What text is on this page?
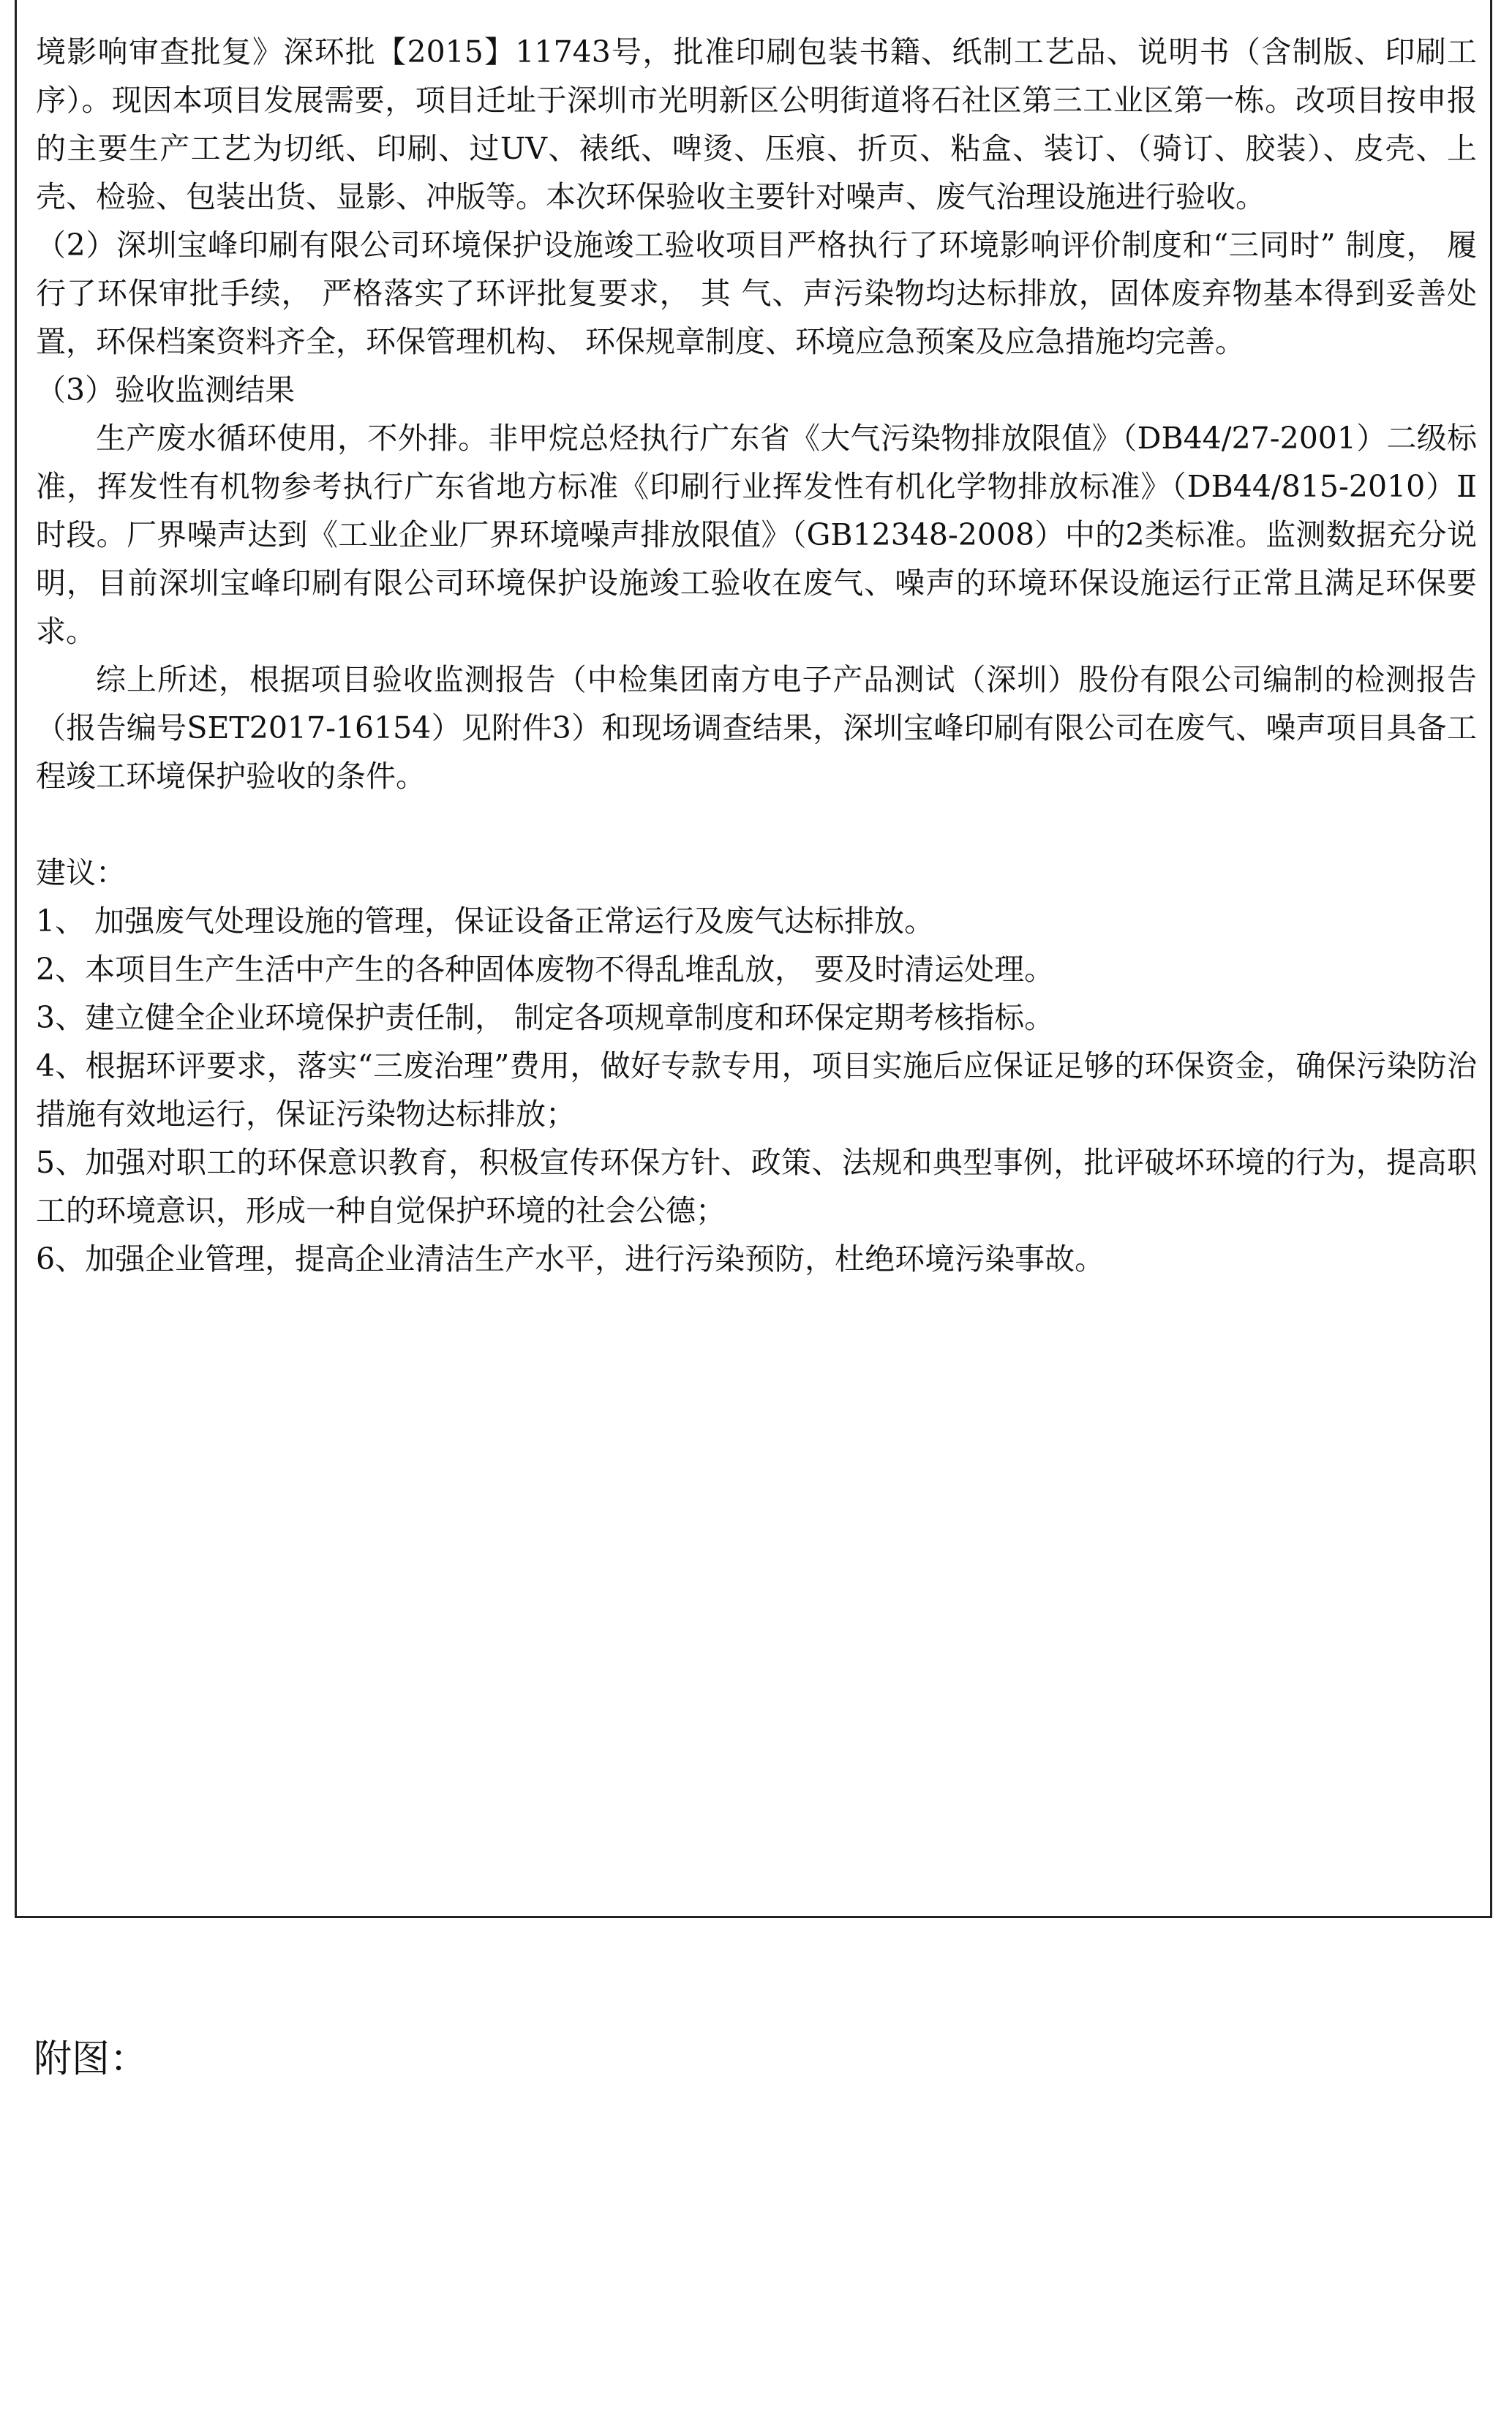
境影响审查批复》深环批【2015】11743号，批准印刷包装书籍、纸制工艺品、说明书（含制版、印刷工序）。现因本项目发展需要，项目迁址于深圳市光明新区公明街道将石社区第三工业区第一栋。改项目按申报的主要生产工艺为切纸、印刷、过UV、裱纸、啤烫、压痕、折页、粘盒、装订、（骑订、胶装）、皮壳、上壳、检验、包装出货、显影、冲版等。本次环保验收主要针对噪声、废气治理设施进行验收。

（2）深圳宝峰印刷有限公司环境保护设施竣工验收项目严格执行了环境影响评价制度和“三同时” 制度， 履行了环保审批手续， 严格落实了环评批复要求， 其 气、声污染物均达标排放，固体废弃物基本得到妥善处置，环保档案资料齐全，环保管理机构、 环保规章制度、环境应急预案及应急措施均完善。

（3）验收监测结果

生产废水循环使用，不外排。非甲烷总烃执行广东省《大气污染物排放限值》（DB44/27-2001）二级标准，挥发性有机物参考执行广东省地方标准《印刷行业挥发性有机化学物排放标准》（DB44/815-2010）Ⅱ时段。厂界噪声达到《工业企业厂界环境噪声排放限值》（GB12348-2008）中的2类标准。监测数据充分说明，目前深圳宝峰印刷有限公司环境保护设施竣工验收在废气、噪声的环境环保设施运行正常且满足环保要求。

综上所述，根据项目验收监测报告（中检集团南方电子产品测试（深圳）股份有限公司编制的检测报告（报告编号SET2017-16154）见附件3）和现场调查结果，深圳宝峰印刷有限公司在废气、噪声项目具备工程竣工环境保护验收的条件。

建议：

1、 加强废气处理设施的管理，保证设备正常运行及废气达标排放。

2、本项目生产生活中产生的各种固体废物不得乱堆乱放， 要及时清运处理。

3、建立健全企业环境保护责任制， 制定各项规章制度和环保定期考核指标。

4、根据环评要求，落实“三废治理”费用，做好专款专用，项目实施后应保证足够的环保资金，确保污染防治措施有效地运行，保证污染物达标排放；

5、加强对职工的环保意识教育，积极宣传环保方针、政策、法规和典型事例，批评破坏环境的行为，提高职工的环境意识，形成一种自觉保护环境的社会公德；

6、加强企业管理，提高企业清洁生产水平，进行污染预防，杜绝环境污染事故。

附图：
